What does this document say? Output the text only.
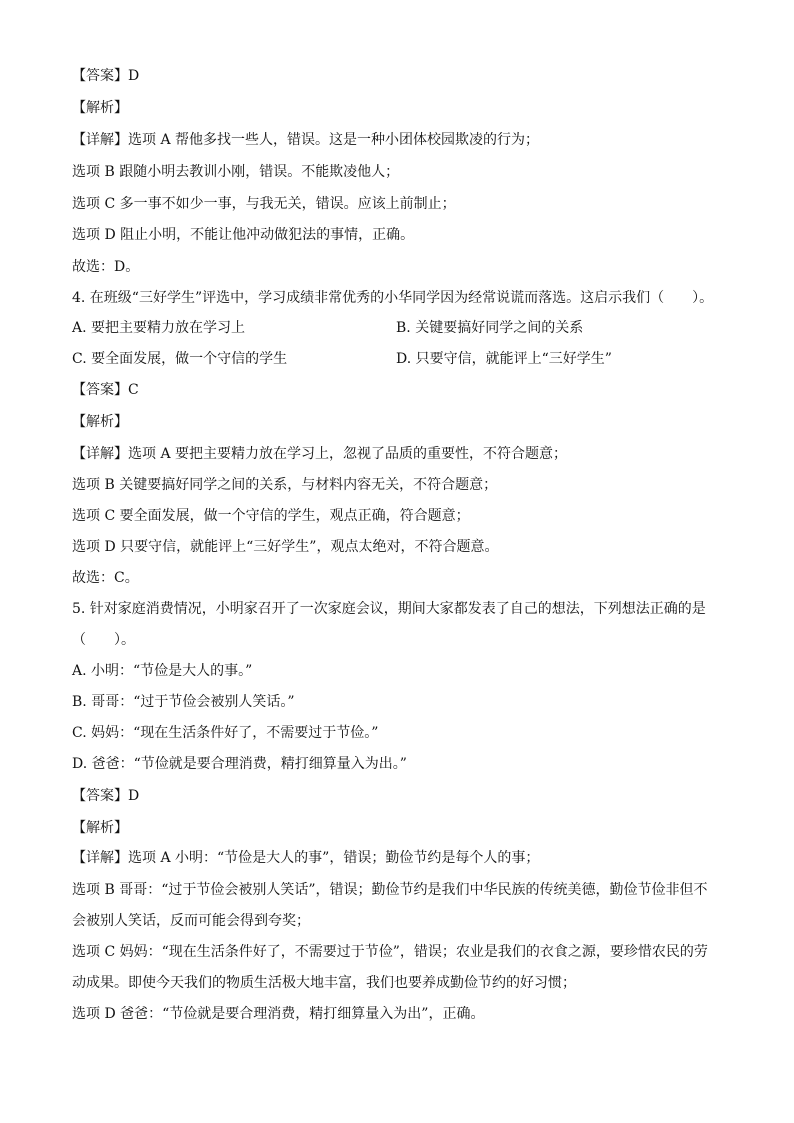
【答案】D
【解析】
【详解】选项 A 帮他多找一些人，错误。这是一种小团体校园欺凌的行为；
选项 B 跟随小明去教训小刚，错误。不能欺凌他人；
选项 C 多一事不如少一事，与我无关，错误。应该上前制止；
选项 D 阻止小明，不能让他冲动做犯法的事情，正确。
故选：D。
4. 在班级“三好学生”评选中，学习成绩非常优秀的小华同学因为经常说谎而落选。这启示我们（　　）。
A. 要把主要精力放在学习上	B. 关键要搞好同学之间的关系
C. 要全面发展，做一个守信的学生	D. 只要守信，就能评上“三好学生”
【答案】C
【解析】
【详解】选项 A 要把主要精力放在学习上，忽视了品质的重要性，不符合题意；
选项 B 关键要搞好同学之间的关系，与材料内容无关，不符合题意；
选项 C 要全面发展，做一个守信的学生，观点正确，符合题意；
选项 D 只要守信，就能评上“三好学生”，观点太绝对，不符合题意。
故选：C。
5. 针对家庭消费情况，小明家召开了一次家庭会议，期间大家都发表了自己的想法，下列想法正确的是
（　　）。
A. 小明：“节俭是大人的事。”
B. 哥哥：“过于节俭会被别人笑话。”
C. 妈妈：“现在生活条件好了，不需要过于节俭。”
D. 爸爸：“节俭就是要合理消费，精打细算量入为出。”
【答案】D
【解析】
【详解】选项 A 小明：“节俭是大人的事”，错误；勤俭节约是每个人的事；
选项 B 哥哥：“过于节俭会被别人笑话”，错误；勤俭节约是我们中华民族的传统美德，勤俭节俭非但不
会被别人笑话，反而可能会得到夸奖；
选项 C 妈妈：“现在生活条件好了，不需要过于节俭”，错误；农业是我们的衣食之源，要珍惜农民的劳
动成果。即使今天我们的物质生活极大地丰富，我们也要养成勤俭节约的好习惯；
选项 D 爸爸：“节俭就是要合理消费，精打细算量入为出”，正确。
